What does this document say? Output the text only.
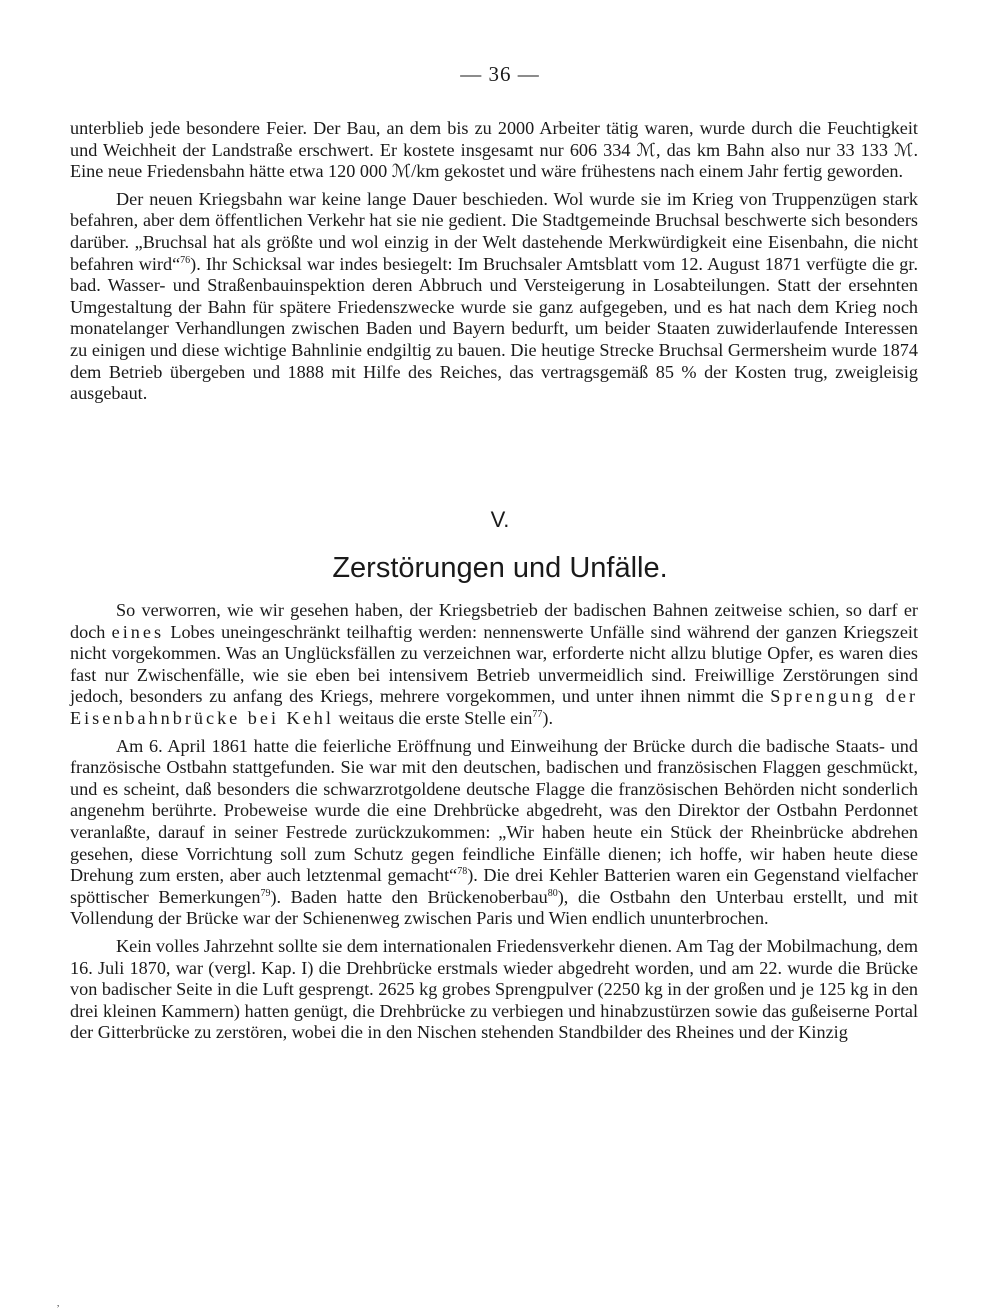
— 36 —

unterblieb jede besondere Feier. Der Bau, an dem bis zu 2000 Arbeiter tätig waren, wurde durch die Feuchtigkeit und Weichheit der Landstraße erschwert. Er kostete insgesamt nur 606 334 ℳ, das km Bahn also nur 33 133 ℳ. Eine neue Friedensbahn hätte etwa 120 000 ℳ/km gekostet und wäre frühestens nach einem Jahr fertig geworden.

Der neuen Kriegsbahn war keine lange Dauer beschieden. Wol wurde sie im Krieg von Truppenzügen stark befahren, aber dem öffentlichen Verkehr hat sie nie gedient. Die Stadtgemeinde Bruchsal beschwerte sich besonders darüber. „Bruchsal hat als größte und wol einzig in der Welt dastehende Merkwürdigkeit eine Eisenbahn, die nicht befahren wird“$^{76}$). Ihr Schicksal war indes besiegelt: Im Bruchsaler Amtsblatt vom 12. August 1871 verfügte die gr. bad. Wasser- und Straßenbauinspektion deren Abbruch und Versteigerung in Losabteilungen. Statt der ersehnten Umgestaltung der Bahn für spätere Friedenszwecke wurde sie ganz aufgegeben, und es hat nach dem Krieg noch monatelanger Verhandlungen zwischen Baden und Bayern bedurft, um beider Staaten zuwiderlaufende Interessen zu einigen und diese wichtige Bahnlinie endgiltig zu bauen. Die heutige Strecke Bruchsal Germersheim wurde 1874 dem Betrieb übergeben und 1888 mit Hilfe des Reiches, das vertragsgemäß 85 % der Kosten trug, zweigleisig ausgebaut.

V.
Zerstörungen und Unfälle.

So verworren, wie wir gesehen haben, der Kriegsbetrieb der badischen Bahnen zeitweise schien, so darf er doch eines Lobes uneingeschränkt teilhaftig werden: nennenswerte Unfälle sind während der ganzen Kriegszeit nicht vorgekommen. Was an Unglücksfällen zu verzeichnen war, erforderte nicht allzu blutige Opfer, es waren dies fast nur Zwischenfälle, wie sie eben bei intensivem Betrieb unvermeidlich sind. Freiwillige Zerstörungen sind jedoch, besonders zu anfang des Kriegs, mehrere vorgekommen, und unter ihnen nimmt die Sprengung der Eisenbahnbrücke bei Kehl weitaus die erste Stelle ein$^{77}$).

Am 6. April 1861 hatte die feierliche Eröffnung und Einweihung der Brücke durch die badische Staats- und französische Ostbahn stattgefunden. Sie war mit den deutschen, badischen und französischen Flaggen geschmückt, und es scheint, daß besonders die schwarzrotgoldene deutsche Flagge die französischen Behörden nicht sonderlich angenehm berührte. Probeweise wurde die eine Drehbrücke abgedreht, was den Direktor der Ostbahn Perdonnet veranlaßte, darauf in seiner Festrede zurückzukommen: „Wir haben heute ein Stück der Rheinbrücke abdrehen gesehen, diese Vorrichtung soll zum Schutz gegen feindliche Einfälle dienen; ich hoffe, wir haben heute diese Drehung zum ersten, aber auch letztenmal gemacht“$^{78}$). Die drei Kehler Batterien waren ein Gegenstand vielfacher spöttischer Bemerkungen$^{79}$). Baden hatte den Brückenoberbau$^{80}$), die Ostbahn den Unterbau erstellt, und mit Vollendung der Brücke war der Schienenweg zwischen Paris und Wien endlich ununterbrochen.

Kein volles Jahrzehnt sollte sie dem internationalen Friedensverkehr dienen. Am Tag der Mobilmachung, dem 16. Juli 1870, war (vergl. Kap. I) die Drehbrücke erstmals wieder abgedreht worden, und am 22. wurde die Brücke von badischer Seite in die Luft gesprengt. 2625 kg grobes Sprengpulver (2250 kg in der großen und je 125 kg in den drei kleinen Kammern) hatten genügt, die Drehbrücke zu verbiegen und hinabzustürzen sowie das gußeiserne Portal der Gitterbrücke zu zerstören, wobei die in den Nischen stehenden Standbilder des Rheines und der Kinzig

,
